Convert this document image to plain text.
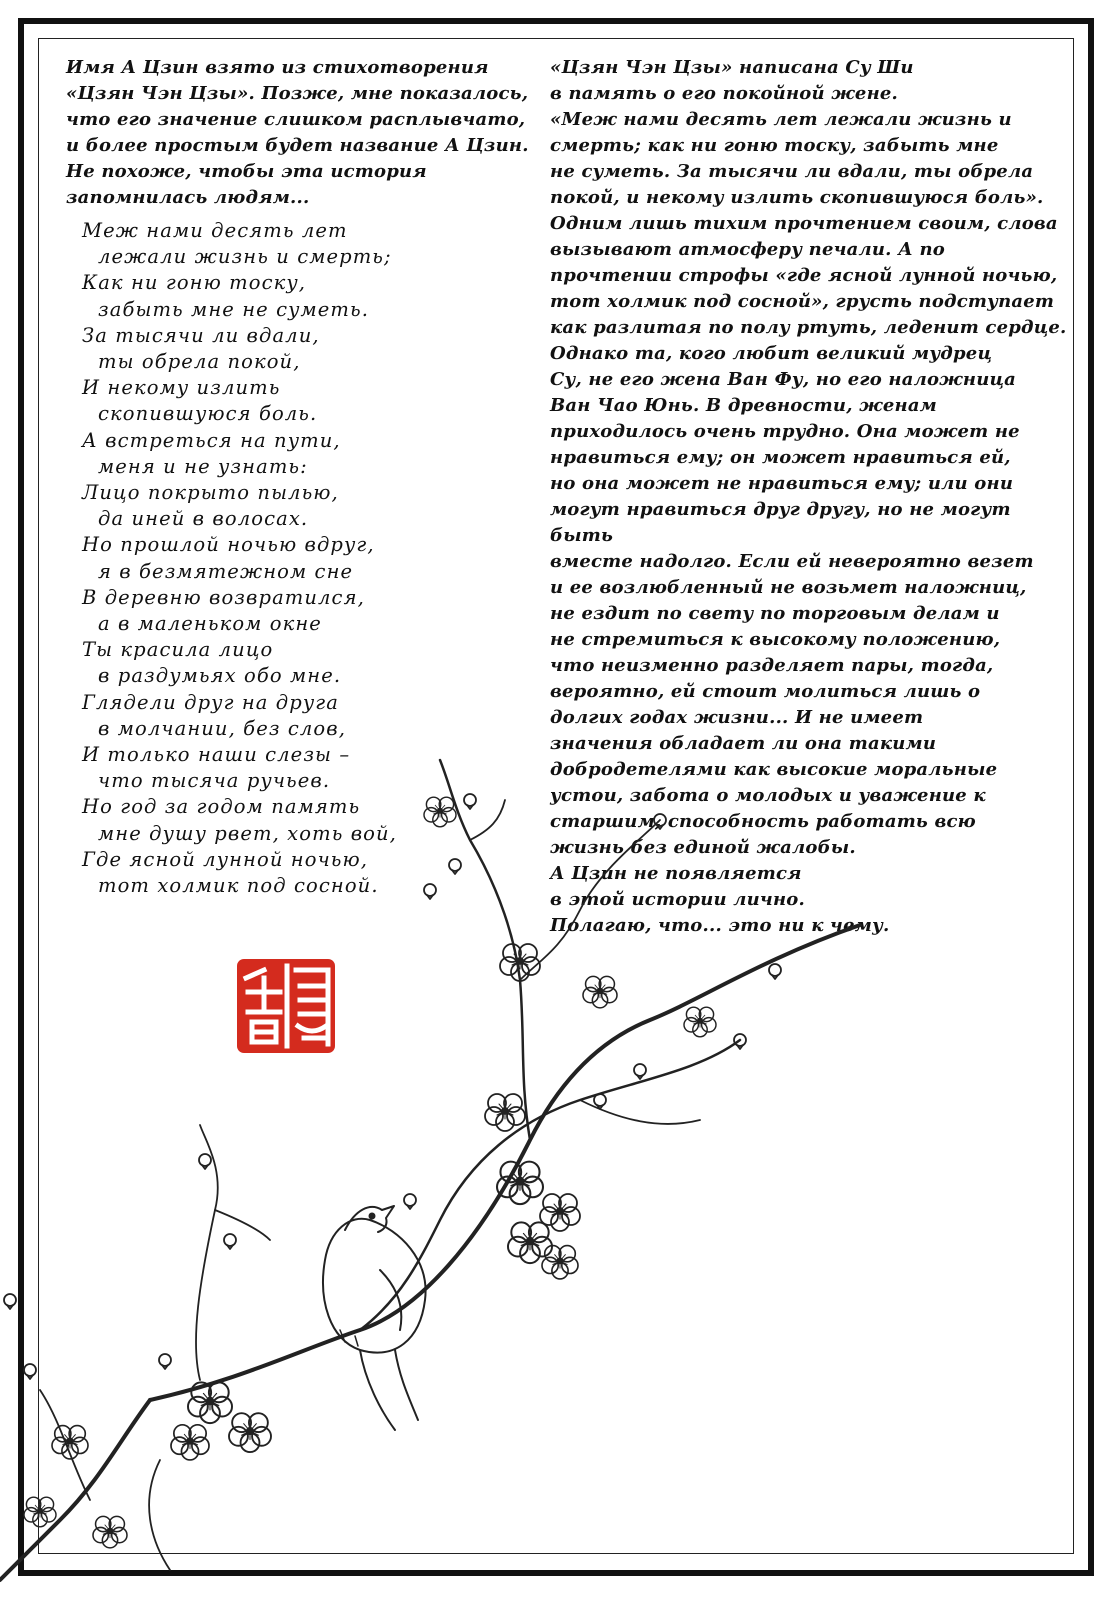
Имя А Цзин взято из стихотворения
«Цзян Чэн Цзы». Позже, мне показалось,
что его значение слишком расплывчато,
и более простым будет название А Цзин.
Не похоже, чтобы эта история
запомнилась людям...

Меж нами десять лет
лежали жизнь и смерть;
Как ни гоню тоску,
забыть мне не суметь.
За тысячи ли вдали,
ты обрела покой,
И некому излить
скопившуюся боль.
А встреться на пути,
меня и не узнать:
Лицо покрыто пылью,
да иней в волосах.
Но прошлой ночью вдруг,
я в безмятежном сне
В деревню возвратился,
а в маленьком окне
Ты красила лицо
в раздумьях обо мне.
Глядели друг на друга
в молчании, без слов,
И только наши слезы –
что тысяча ручьев.
Но год за годом память
мне душу рвет, хоть вой,
Где ясной лунной ночью,
тот холмик под сосной.

«Цзян Чэн Цзы» написана Су Ши
в память о его покойной жене.
«Меж нами десять лет лежали жизнь и
смерть; как ни гоню тоску, забыть мне
не суметь. За тысячи ли вдали, ты обрела
покой, и некому излить скопившуюся боль».
Одним лишь тихим прочтением своим, слова
вызывают атмосферу печали. А по
прочтении строфы «где ясной лунной ночью,
тот холмик под сосной», грусть подступает
как разлитая по полу ртуть, леденит сердце.
Однако та, кого любит великий мудрец
Су, не его жена Ван Фу, но его наложница
Ван Чао Юнь. В древности, женам
приходилось очень трудно. Она может не
нравиться ему; он может нравиться ей,
но она может не нравиться ему; или они
могут нравиться друг другу, но не могут быть
вместе надолго. Если ей невероятно везет
и ее возлюбленный не возьмет наложниц,
не ездит по свету по торговым делам и
не стремиться к высокому положению,
что неизменно разделяет пары, тогда,
вероятно, ей стоит молиться лишь о
долгих годах жизни... И не имеет
значения обладает ли она такими
добродетелями как высокие моральные
устои, забота о молодых и уважение к
старшим, способность работать всю
жизнь без единой жалобы.
А Цзин не появляется
в этой истории лично.
Полагаю, что... это ни к чему.
